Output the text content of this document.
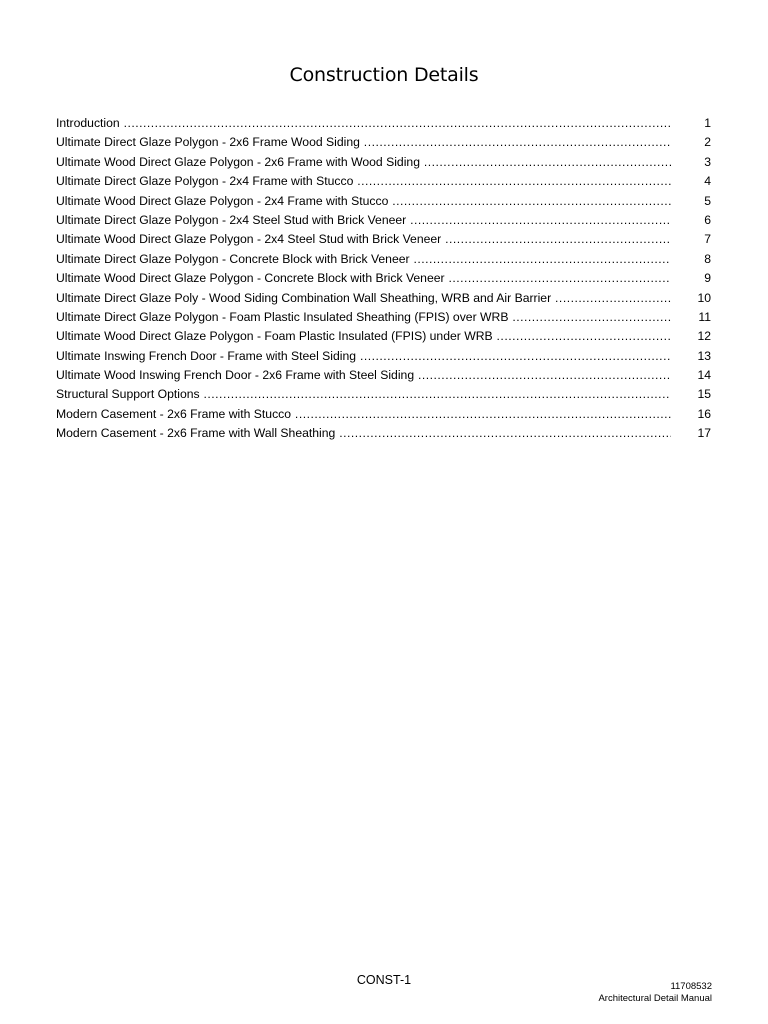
Construction Details
Introduction .....	1
Ultimate Direct Glaze Polygon - 2x6 Frame Wood Siding .....	2
Ultimate Wood Direct Glaze Polygon - 2x6 Frame with Wood Siding .....	3
Ultimate Direct Glaze Polygon - 2x4 Frame with Stucco .....	4
Ultimate Wood Direct Glaze Polygon - 2x4 Frame with Stucco .....	5
Ultimate Direct Glaze Polygon - 2x4 Steel Stud with Brick Veneer .....	6
Ultimate Wood Direct Glaze Polygon - 2x4 Steel Stud with Brick Veneer .....	7
Ultimate Direct Glaze Polygon - Concrete Block with Brick Veneer .....	8
Ultimate Wood Direct Glaze Polygon - Concrete Block with Brick Veneer .....	9
Ultimate Direct Glaze Poly - Wood Siding Combination Wall Sheathing, WRB and Air Barrier .....	10
Ultimate Direct Glaze Polygon - Foam Plastic Insulated Sheathing (FPIS) over WRB .....	11
Ultimate Wood Direct Glaze Polygon - Foam Plastic Insulated (FPIS) under WRB .....	12
Ultimate Inswing French Door - Frame with Steel Siding .....	13
Ultimate Wood Inswing French Door - 2x6 Frame with Steel Siding .....	14
Structural Support Options .....	15
Modern Casement - 2x6 Frame with Stucco .....	16
Modern Casement - 2x6 Frame with Wall Sheathing .....	17
CONST-1	11708532
Architectural Detail Manual
